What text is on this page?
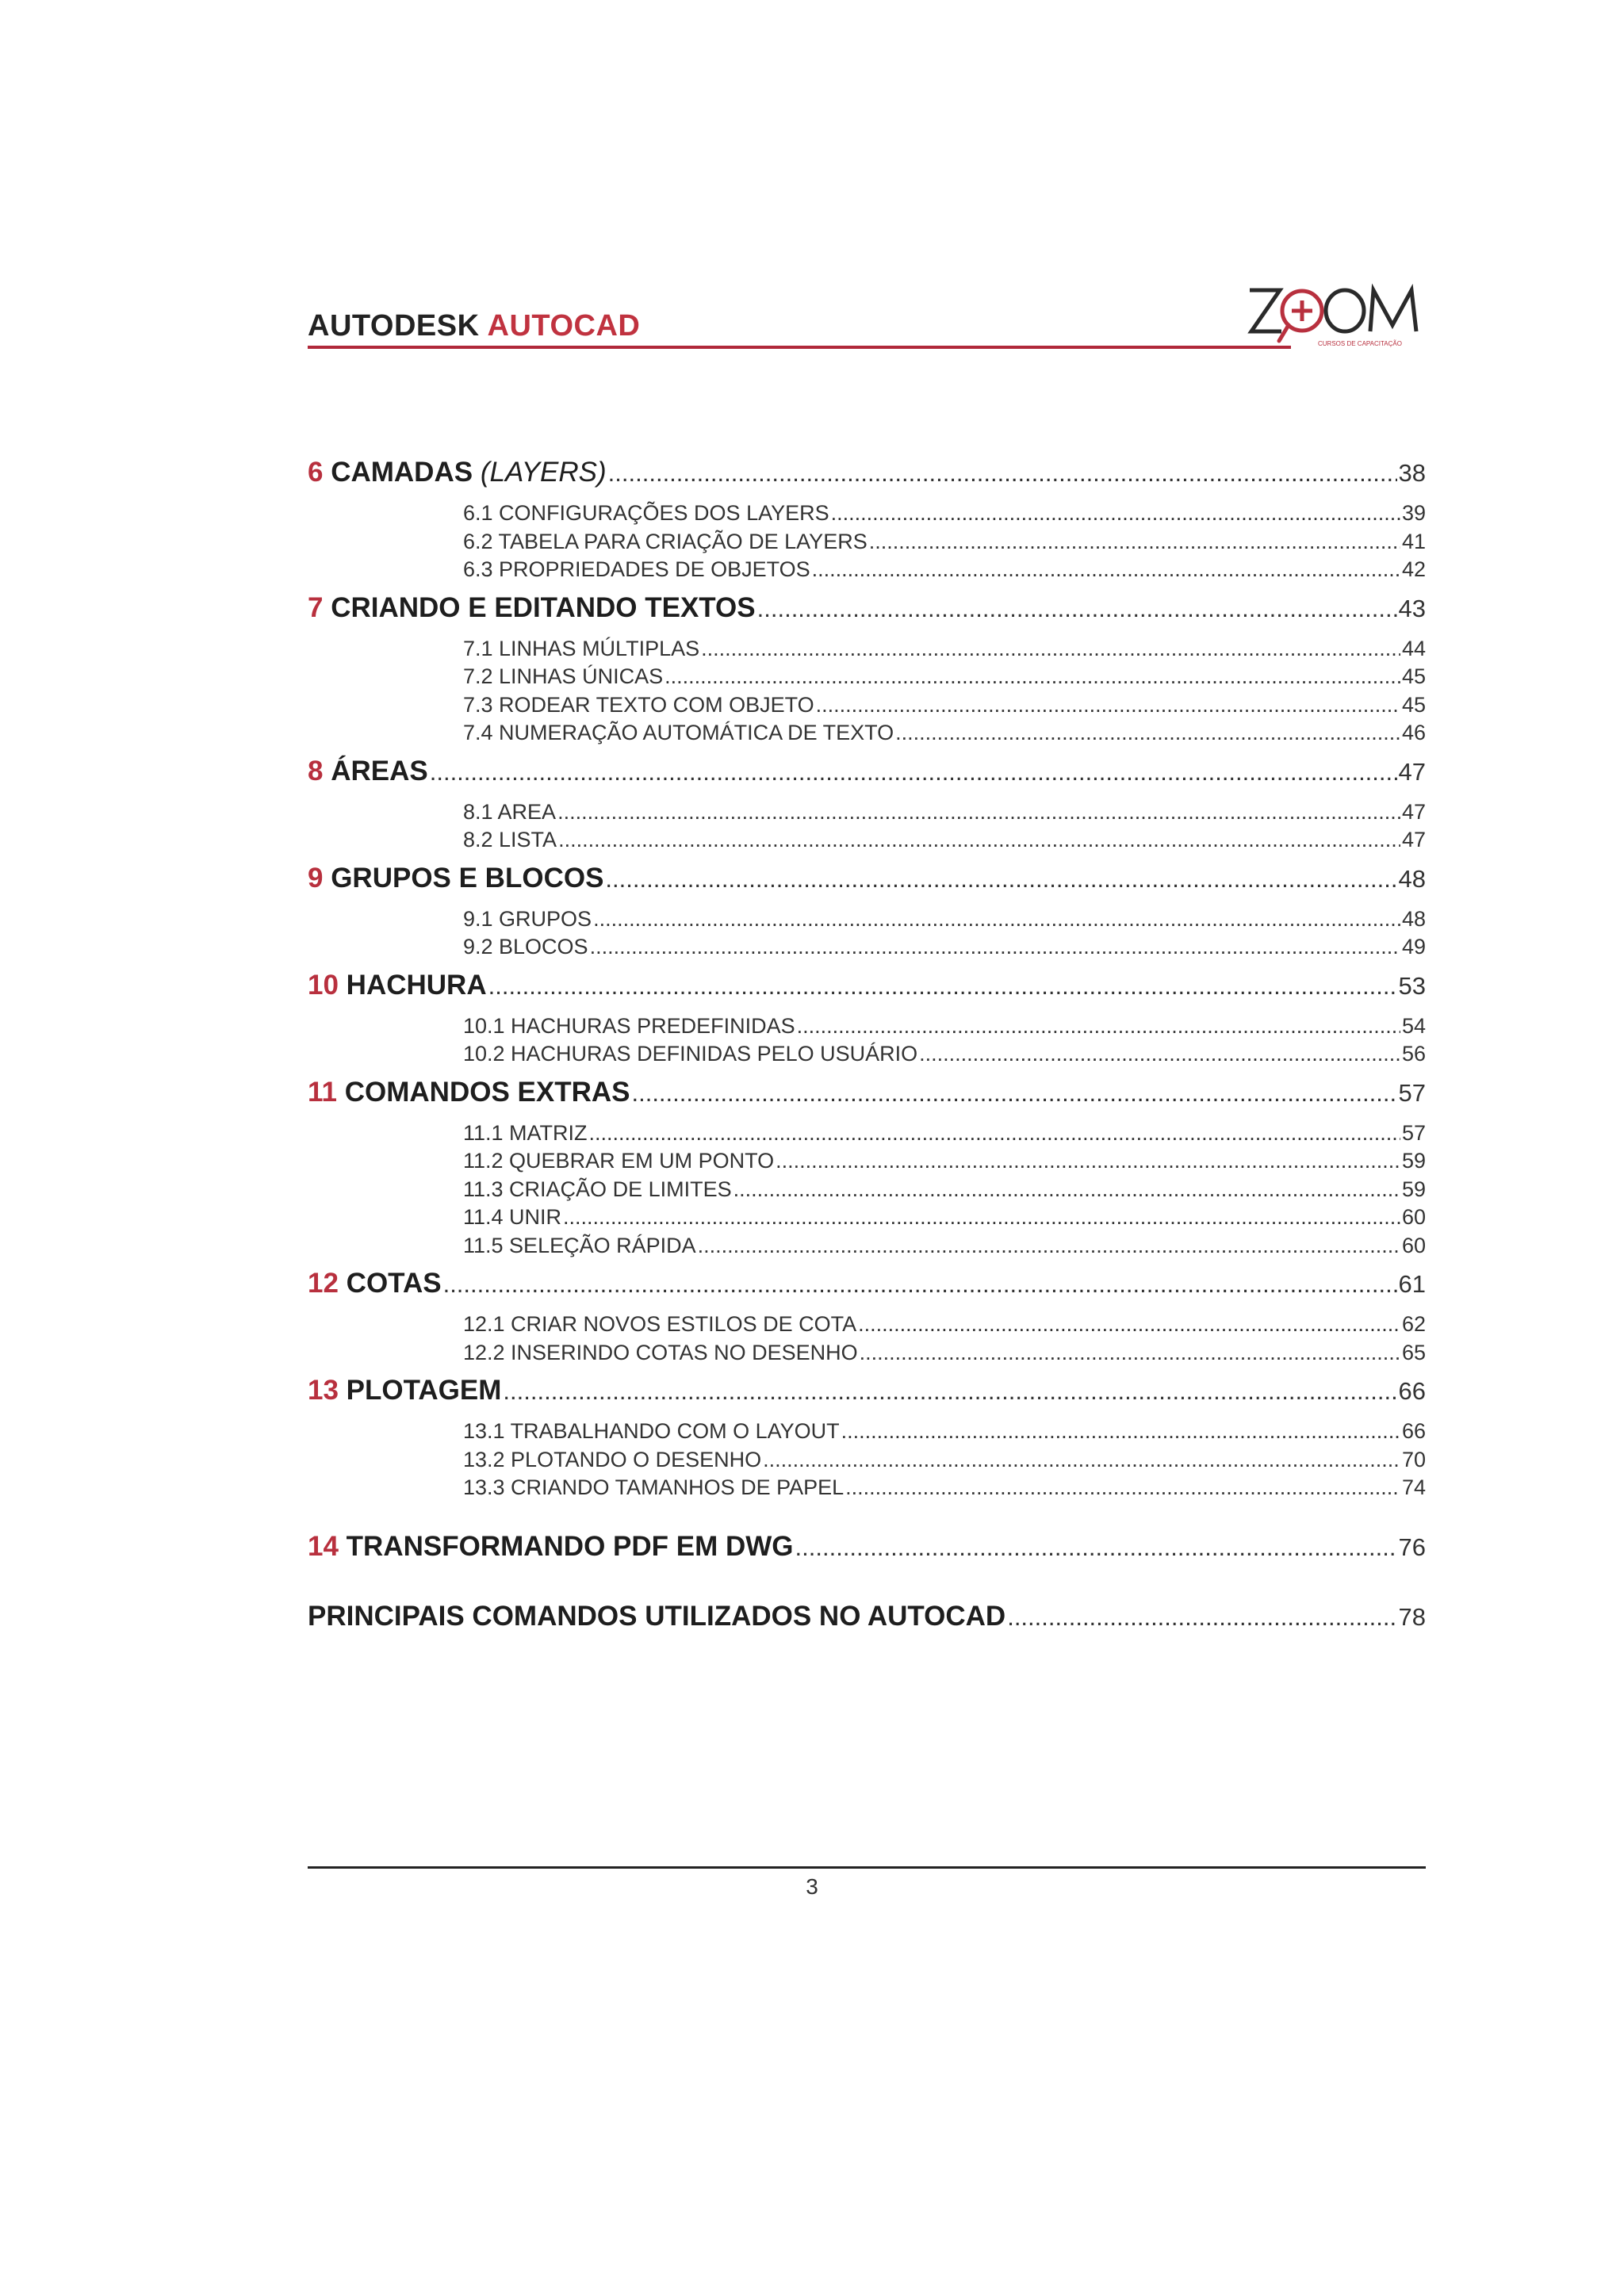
AUTODESK AUTOCAD
CURSOS DE CAPACITAÇÃO
6 CAMADAS (LAYERS) .....	38
6.1 CONFIGURAÇÕES DOS LAYERS .....	39
6.2 TABELA PARA CRIAÇÃO DE LAYERS .....	41
6.3 PROPRIEDADES DE OBJETOS .....	42
7 CRIANDO E EDITANDO TEXTOS .....	43
7.1 LINHAS MÚLTIPLAS .....	44
7.2 LINHAS ÚNICAS .....	45
7.3 RODEAR TEXTO COM OBJETO .....	45
7.4 NUMERAÇÃO AUTOMÁTICA DE TEXTO .....	46
8 ÁREAS .....	47
8.1 AREA .....	47
8.2 LISTA .....	47
9 GRUPOS E BLOCOS .....	48
9.1 GRUPOS .....	48
9.2 BLOCOS .....	49
10 HACHURA .....	53
10.1 HACHURAS PREDEFINIDAS .....	54
10.2 HACHURAS DEFINIDAS PELO USUÁRIO .....	56
11 COMANDOS EXTRAS .....	57
11.1 MATRIZ .....	57
11.2 QUEBRAR EM UM PONTO .....	59
11.3 CRIAÇÃO DE LIMITES .....	59
11.4 UNIR .....	60
11.5 SELEÇÃO RÁPIDA .....	60
12 COTAS .....	61
12.1 CRIAR NOVOS ESTILOS DE COTA .....	62
12.2 INSERINDO COTAS NO DESENHO .....	65
13 PLOTAGEM .....	66
13.1 TRABALHANDO COM O LAYOUT .....	66
13.2 PLOTANDO O DESENHO .....	70
13.3 CRIANDO TAMANHOS DE PAPEL .....	74
14 TRANSFORMANDO PDF EM DWG .....	76
PRINCIPAIS COMANDOS UTILIZADOS NO AUTOCAD .....	78
3
